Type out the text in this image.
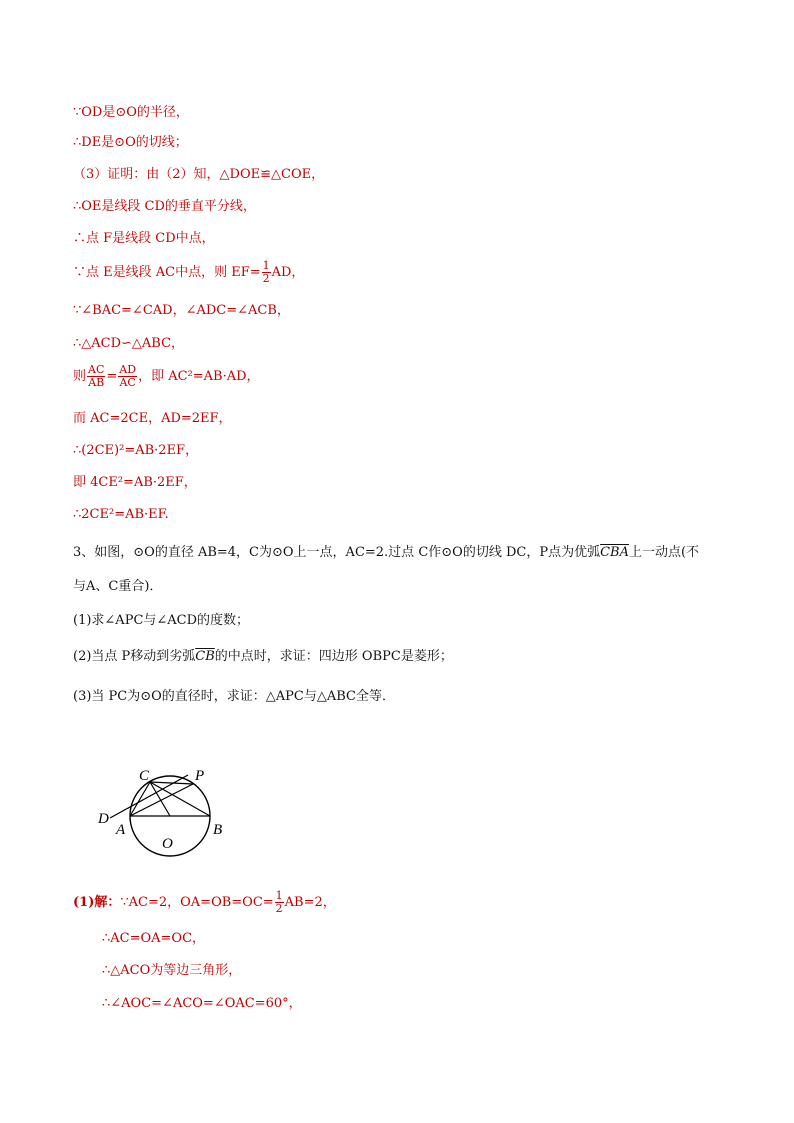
∵OD是⊙O的半径，
∴DE是⊙O的切线；
（3）证明：由（2）知，△DOE≌△COE，
∴OE是线段 CD的垂直平分线，
∴点 F是线段 CD中点，
∵点 E是线段 AC中点，则 $EF= \frac{1}{2}$ AD，
∵∠BAC=∠CAD，∠ADC=∠ACB，
∴△ACD∽△ABC，
则 $\frac{AC}{AB} = \frac{AD}{AC}$ ，即 AC²=AB·AD，
而 AC=2CE，AD=2EF，
∴(2CE)²=AB·2EF，
即 4CE²=AB·2EF，
∴2CE²=AB·EF.
3、如图，⊙O的直径 AB=4，C为⊙O上一点，AC=2.过点 C作⊙O的切线 DC，P点为优弧$\overline{CBA}$上一动点(不
与A、C重合)．
(1)求∠APC与∠ACD的度数；
(2)当点 P移动到劣弧$\overline{CB}$的中点时，求证：四边形 OBPC是菱形；
(3)当 PC为⊙O的直径时，求证：△APC与△ABC全等．
C	P
D
A	B
O
(1)解：∵AC=2，$OA=OB=OC= \frac{1}{2} AB=2$，
∴AC=OA=OC，
∴△ACO为等边三角形，
∴∠AOC=∠ACO=∠OAC=60°，
